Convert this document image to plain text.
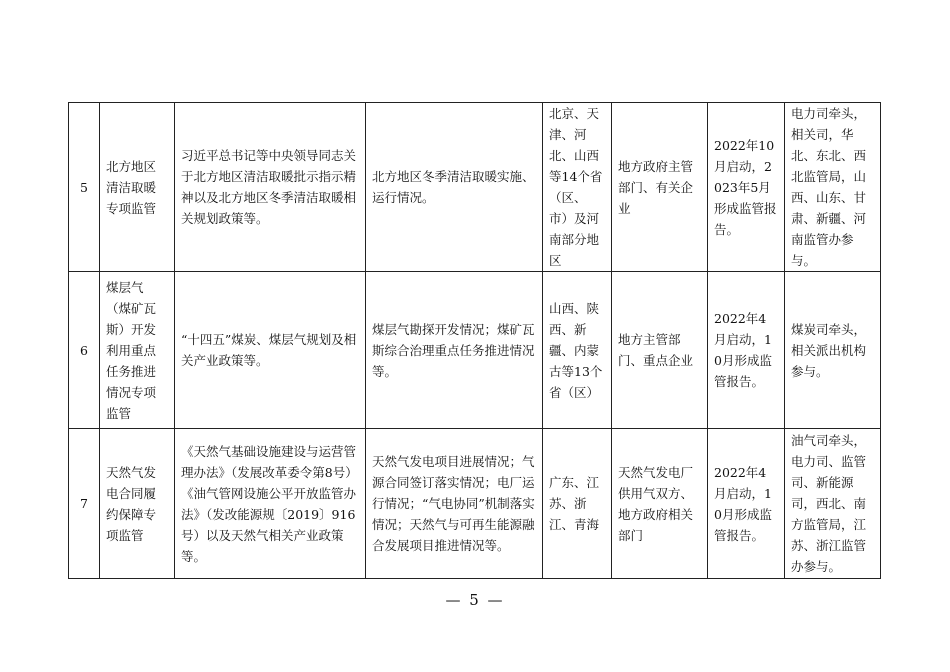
5	北方地区清洁取暖专项监管	习近平总书记等中央领导同志关于北方地区清洁取暖批示指示精神以及北方地区冬季清洁取暖相关规划政策等。	北方地区冬季清洁取暖实施、运行情况。	北京、天津、河北、山西等14个省（区、市）及河南部分地区	地方政府主管部门、有关企业	2022年10月启动，2023年5月形成监管报告。	电力司牵头，相关司，华北、东北、西北监管局，山西、山东、甘肃、新疆、河南监管办参与。
6	煤层气（煤矿瓦斯）开发利用重点任务推进情况专项监管	“十四五”煤炭、煤层气规划及相关产业政策等。	煤层气勘探开发情况；煤矿瓦斯综合治理重点任务推进情况等。	山西、陕西、新疆、内蒙古等13个省（区）	地方主管部门、重点企业	2022年4月启动，10月形成监管报告。	煤炭司牵头，相关派出机构参与。
7	天然气发电合同履约保障专项监管	《天然气基础设施建设与运营管理办法》（发展改革委令第8号）《油气管网设施公平开放监管办法》（发改能源规〔2019〕916号）以及天然气相关产业政策等。	天然气发电项目进展情况；气源合同签订落实情况；电厂运行情况；“气电协同”机制落实情况；天然气与可再生能源融合发展项目推进情况等。	广东、江苏、浙江、青海	天然气发电厂供用气双方、地方政府相关部门	2022年4月启动，10月形成监管报告。	油气司牵头，电力司、监管司、新能源司，西北、南方监管局，江苏、浙江监管办参与。
— 5 —
